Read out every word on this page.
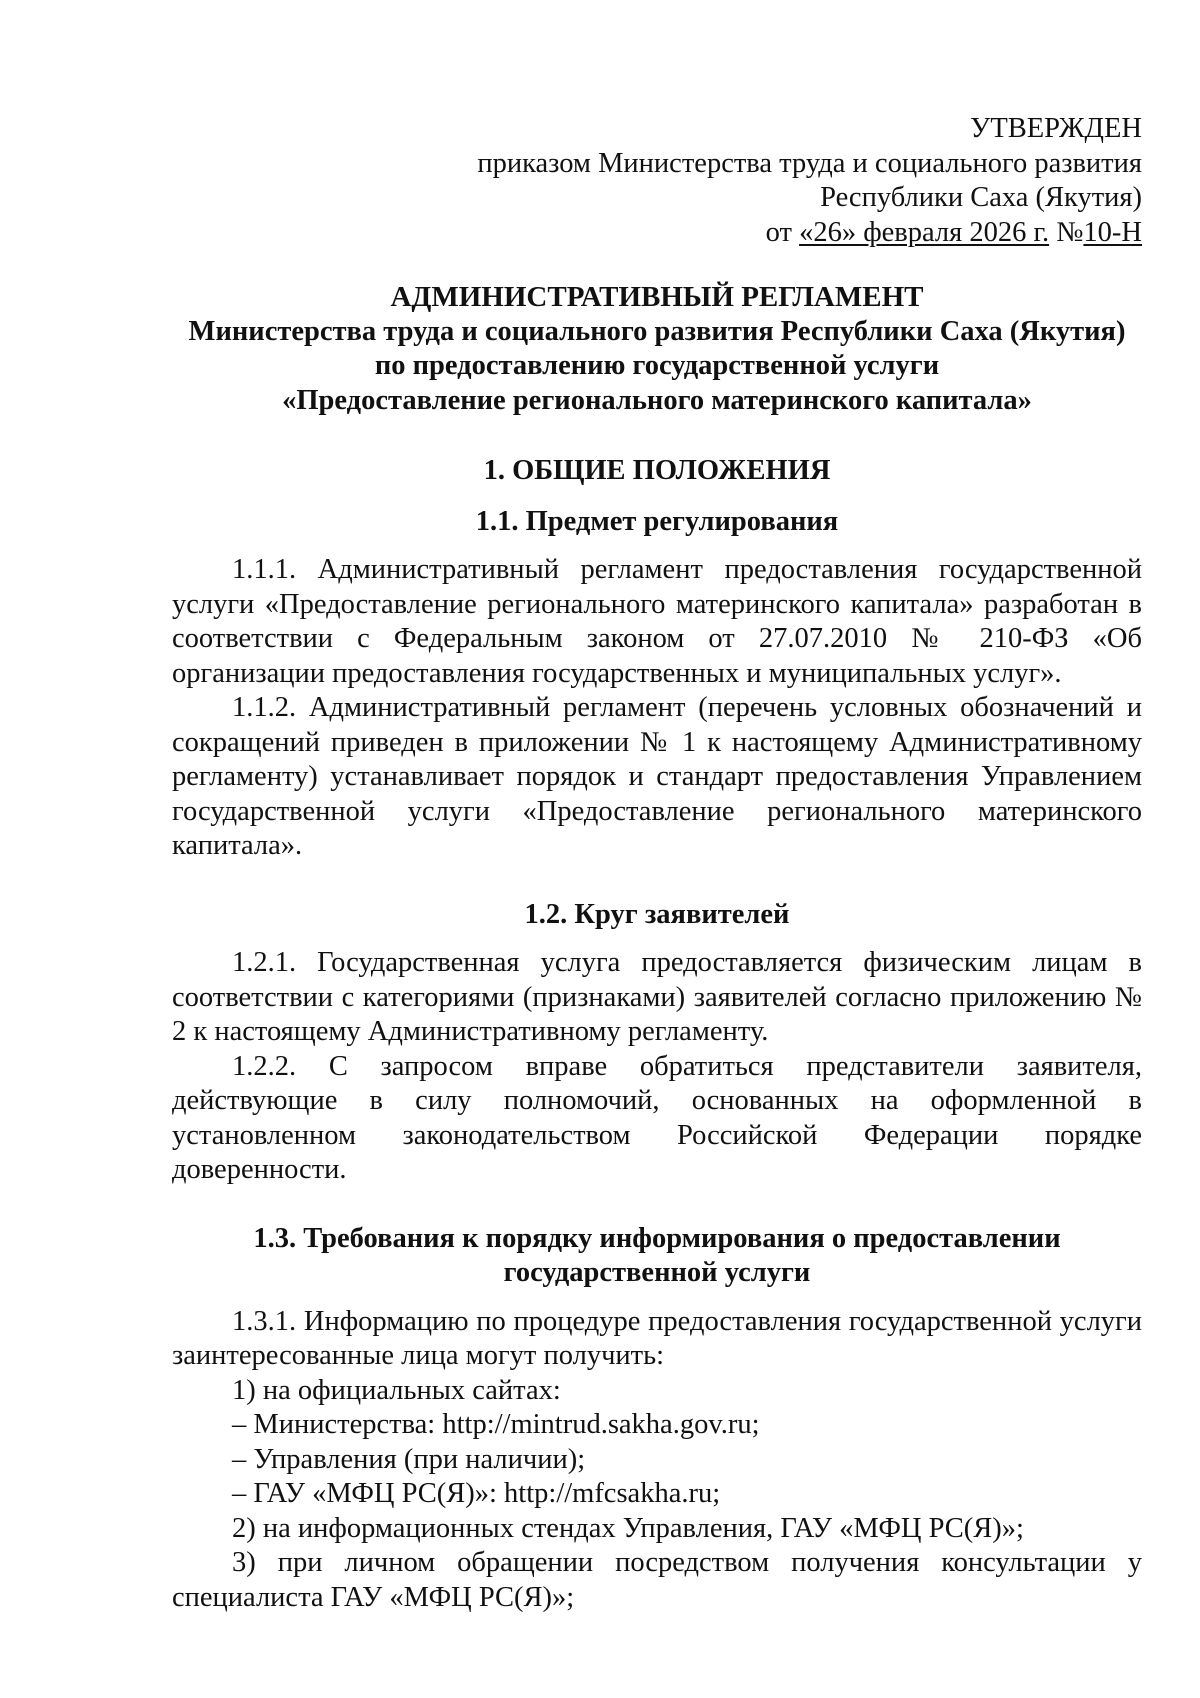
УТВЕРЖДЕН
приказом Министерства труда и социального развития
Республики Саха (Якутия)
от «26» февраля 2026 г. №10-Н
АДМИНИСТРАТИВНЫЙ РЕГЛАМЕНТ
Министерства труда и социального развития Республики Саха (Якутия)
по предоставлению государственной услуги
«Предоставление регионального материнского капитала»
1. ОБЩИЕ ПОЛОЖЕНИЯ
1.1. Предмет регулирования

1.1.1. Административный регламент предоставления государственной услуги «Предоставление регионального материнского капитала» разработан в соответствии с Федеральным законом от 27.07.2010 № 210-ФЗ «Об организации предоставления государственных и муниципальных услуг».

1.1.2. Административный регламент (перечень условных обозначений и сокращений приведен в приложении № 1 к настоящему Административному регламенту) устанавливает порядок и стандарт предоставления Управлением государственной услуги «Предоставление регионального материнского капитала».

1.2. Круг заявителей

1.2.1. Государственная услуга предоставляется физическим лицам в соответствии с категориями (признаками) заявителей согласно приложению № 2 к настоящему Административному регламенту.

1.2.2. С запросом вправе обратиться представители заявителя, действующие в силу полномочий, основанных на оформленной в установленном законодательством Российской Федерации порядке доверенности.

1.3. Требования к порядку информирования о предоставлении
государственной услуги

1.3.1. Информацию по процедуре предоставления государственной услуги заинтересованные лица могут получить:

1) на официальных сайтах:

– Министерства: http://mintrud.sakha.gov.ru;

– Управления (при наличии);

– ГАУ «МФЦ РС(Я)»: http://mfcsakha.ru;

2) на информационных стендах Управления, ГАУ «МФЦ РС(Я)»;

3) при личном обращении посредством получения консультации у специалиста ГАУ «МФЦ РС(Я)»;
